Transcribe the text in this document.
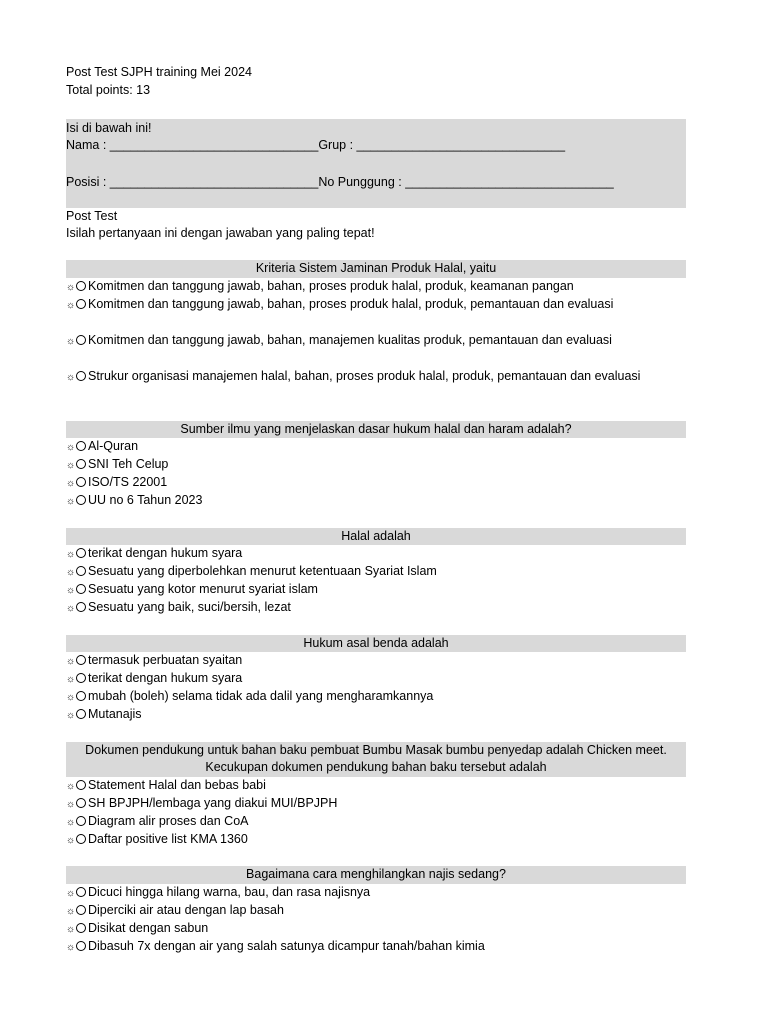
Post Test SJPH training Mei 2024
Total points: 13
Isi di bawah ini!
Nama : ______________________________Grup : ______________________________
Posisi : ______________________________No Punggung : ______________________________
Post Test
Isilah pertanyaan ini dengan jawaban yang paling tepat!
Kriteria Sistem Jaminan Produk Halal, yaitu
☼ Komitmen dan tanggung jawab, bahan, proses produk halal, produk, keamanan pangan
☼ Komitmen dan tanggung jawab, bahan, proses produk halal, produk, pemantauan dan evaluasi
☼ Komitmen dan tanggung jawab, bahan, manajemen kualitas produk, pemantauan dan evaluasi
☼ Strukur organisasi manajemen halal, bahan, proses produk halal, produk, pemantauan dan evaluasi
Sumber ilmu yang menjelaskan dasar hukum halal dan haram adalah?
☼ Al-Quran
☼ SNI Teh Celup
☼ ISO/TS 22001
☼ UU no 6 Tahun 2023
Halal adalah
☼ terikat dengan hukum syara
☼ Sesuatu yang diperbolehkan menurut ketentuaan Syariat Islam
☼ Sesuatu yang kotor menurut syariat islam
☼ Sesuatu yang baik, suci/bersih, lezat
Hukum asal benda adalah
☼ termasuk perbuatan syaitan
☼ terikat dengan hukum syara
☼ mubah (boleh) selama tidak ada dalil yang mengharamkannya
☼ Mutanajis
Dokumen pendukung untuk bahan baku pembuat Bumbu Masak bumbu penyedap adalah Chicken meet.
Kecukupan dokumen pendukung bahan baku tersebut adalah
☼ Statement Halal dan bebas babi
☼ SH BPJPH/lembaga yang diakui MUI/BPJPH
☼ Diagram alir proses dan CoA
☼ Daftar positive list KMA 1360
Bagaimana cara menghilangkan najis sedang?
☼ Dicuci hingga hilang warna, bau, dan rasa najisnya
☼ Diperciki air atau dengan lap basah
☼ Disikat dengan sabun
☼ Dibasuh 7x dengan air yang salah satunya dicampur tanah/bahan kimia
